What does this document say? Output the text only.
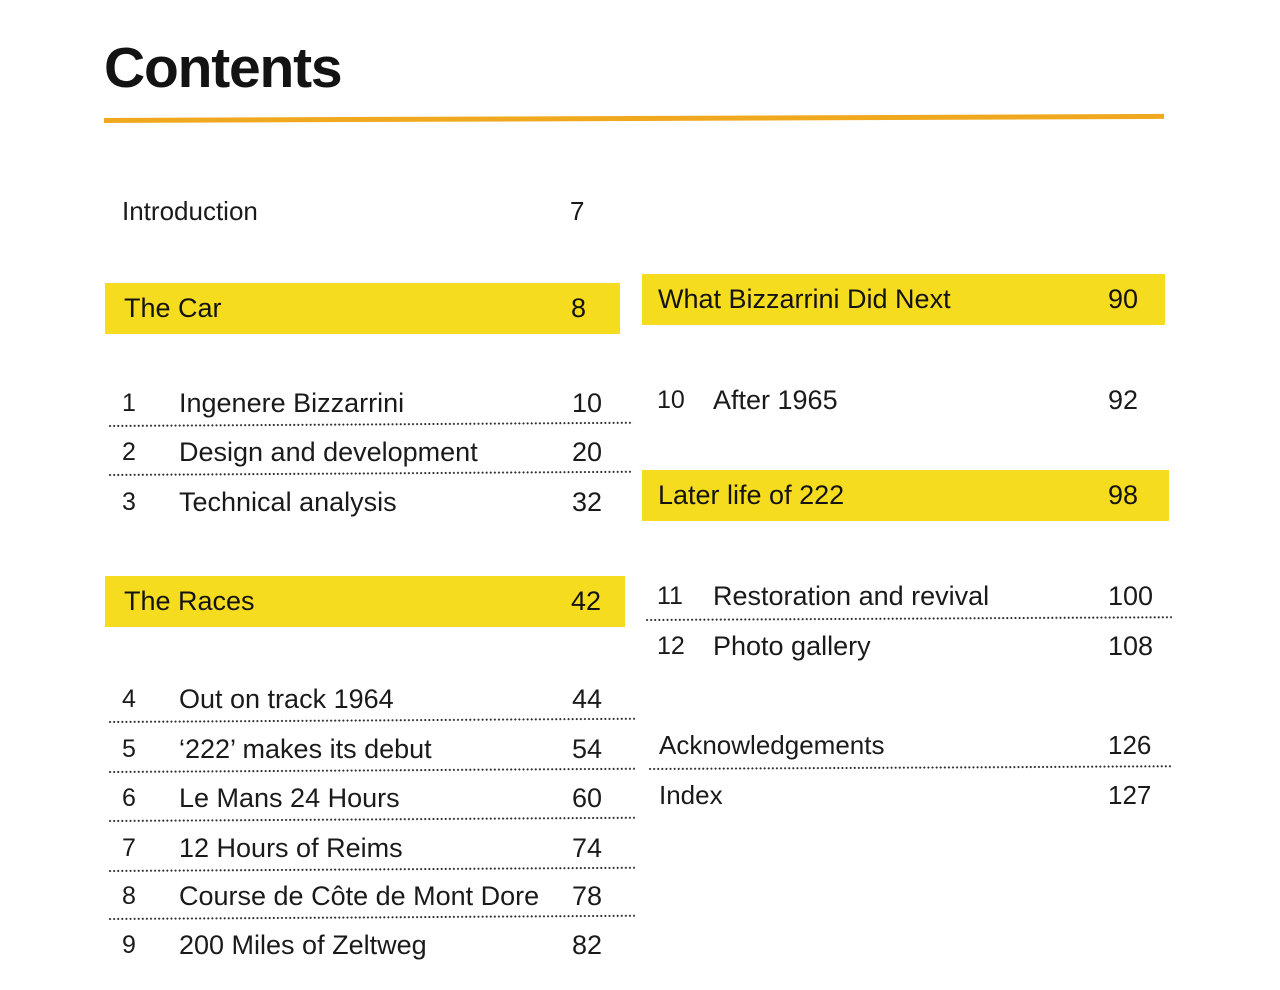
Contents
Introduction	7
The Car	8
1 Ingenere Bizzarrini	10
2 Design and development	20
3 Technical analysis	32
The Races	42
4 Out on track 1964	44
5 ‘222’ makes its debut	54
6 Le Mans 24 Hours	60
7 12 Hours of Reims	74
8 Course de Côte de Mont Dore 78
9 200 Miles of Zeltweg	82
What Bizzarrini Did Next	90
10 After 1965	92
Later life of 222	98
11 Restoration and revival	100
12 Photo gallery	108
Acknowledgements	126
Index	127
